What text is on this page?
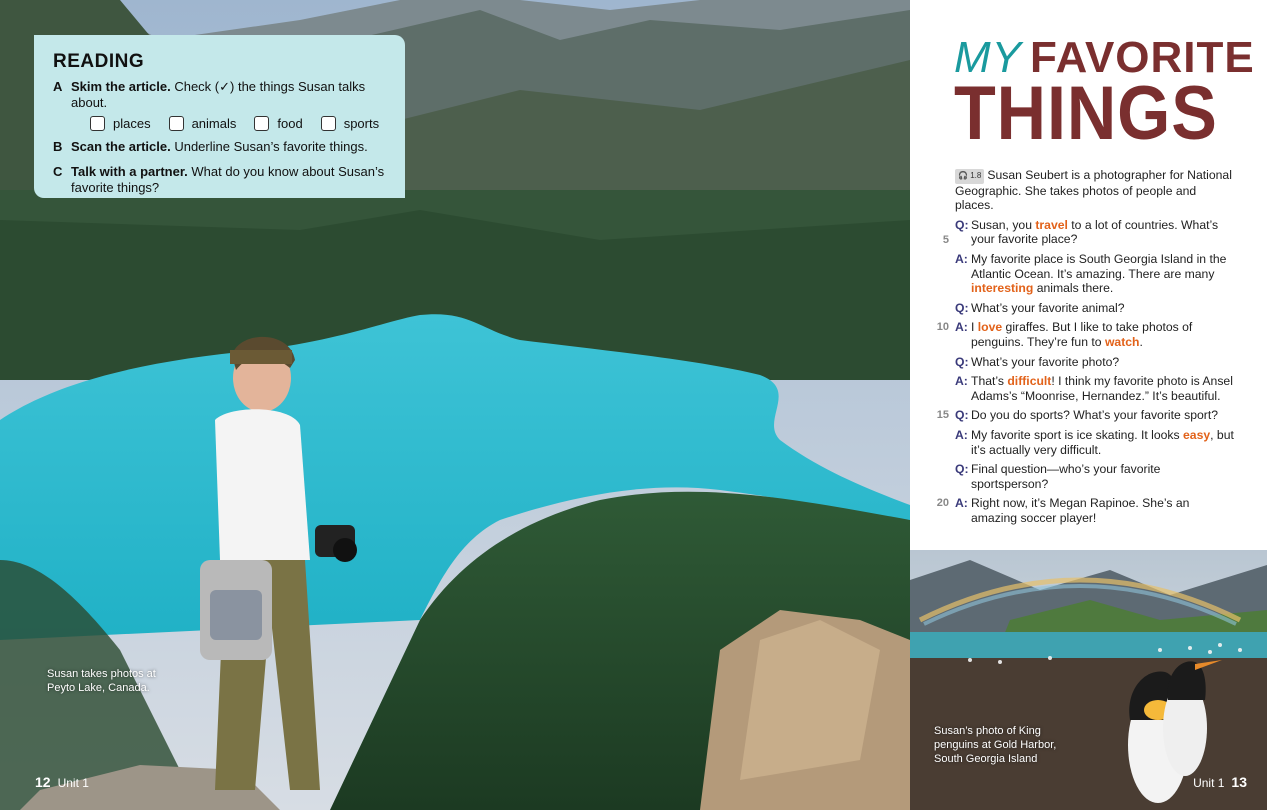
READING
A Skim the article. Check (✓) the things Susan talks about.
places	animals	food	sports
B Scan the article. Underline Susan’s favorite things.
C Talk with a partner. What do you know about Susan’s favorite things?
Susan takes photos at
Peyto Lake, Canada.
12 Unit 1
MY FAVORITE
THINGS
🎧 1.8 Susan Seubert is a photographer for National Geographic. She takes photos of people and places.
Q: Susan, you travel to a lot of countries. What’s your favorite place?
5
A: My favorite place is South Georgia Island in the Atlantic Ocean. It’s amazing. There are many interesting animals there.
Q: What’s your favorite animal?
10 A: I love giraffes. But I like to take photos of penguins. They’re fun to watch.
Q: What’s your favorite photo?
A: That’s difficult! I think my favorite photo is Ansel Adams’s “Moonrise, Hernandez.” It’s beautiful.
15 Q: Do you do sports? What’s your favorite sport?
A: My favorite sport is ice skating. It looks easy, but it’s actually very difficult.
Q: Final question—who’s your favorite sportsperson?
20 A: Right now, it’s Megan Rapinoe. She’s an amazing soccer player!
Susan’s photo of King
penguins at Gold Harbor,
South Georgia Island
Unit 1 13
